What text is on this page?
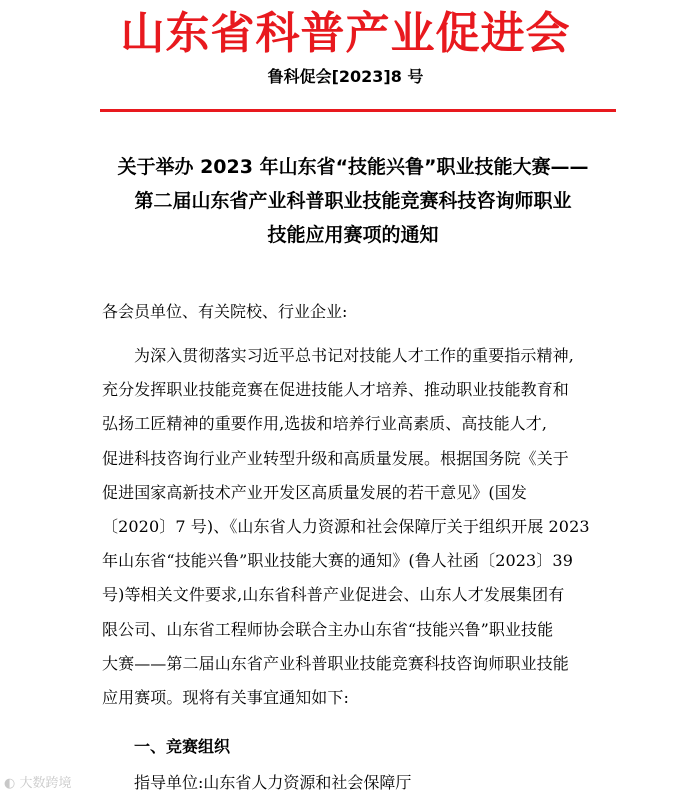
山东省科普产业促进会
鲁科促会[2023]8 号
关于举办 2023 年山东省“技能兴鲁”职业技能大赛——
第二届山东省产业科普职业技能竞赛科技咨询师职业
技能应用赛项的通知
各会员单位、有关院校、行业企业:
为深入贯彻落实习近平总书记对技能人才工作的重要指示精神,
充分发挥职业技能竞赛在促进技能人才培养、推动职业技能教育和
弘扬工匠精神的重要作用,选拔和培养行业高素质、高技能人才,
促进科技咨询行业产业转型升级和高质量发展。根据国务院《关于
促进国家高新技术产业开发区高质量发展的若干意见》(国发
〔2020〕7 号)、《山东省人力资源和社会保障厅关于组织开展 2023
年山东省“技能兴鲁”职业技能大赛的通知》(鲁人社函〔2023〕39
号)等相关文件要求,山东省科普产业促进会、山东人才发展集团有
限公司、山东省工程师协会联合主办山东省“技能兴鲁”职业技能
大赛——第二届山东省产业科普职业技能竞赛科技咨询师职业技能
应用赛项。现将有关事宜通知如下:
一、竞赛组织
指导单位:山东省人力资源和社会保障厅
◐ 大数跨境
